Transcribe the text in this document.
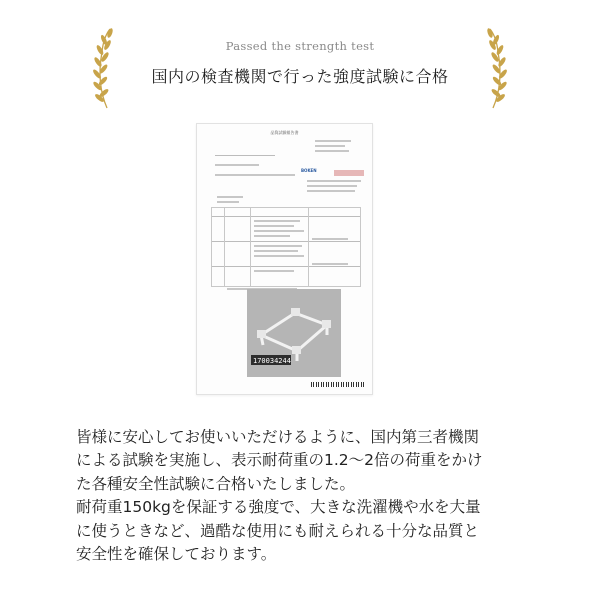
Passed the strength test
国内の検査機関で行った強度試験に合格
品質試験報告書
BOKEN
170034244
皆様に安心してお使いいただけるように、国内第三者機関
による試験を実施し、表示耐荷重の1.2〜2倍の荷重をかけ
た各種安全性試験に合格いたしました。
耐荷重150kgを保証する強度で、大きな洗濯機や水を大量
に使うときなど、過酷な使用にも耐えられる十分な品質と
安全性を確保しております。
